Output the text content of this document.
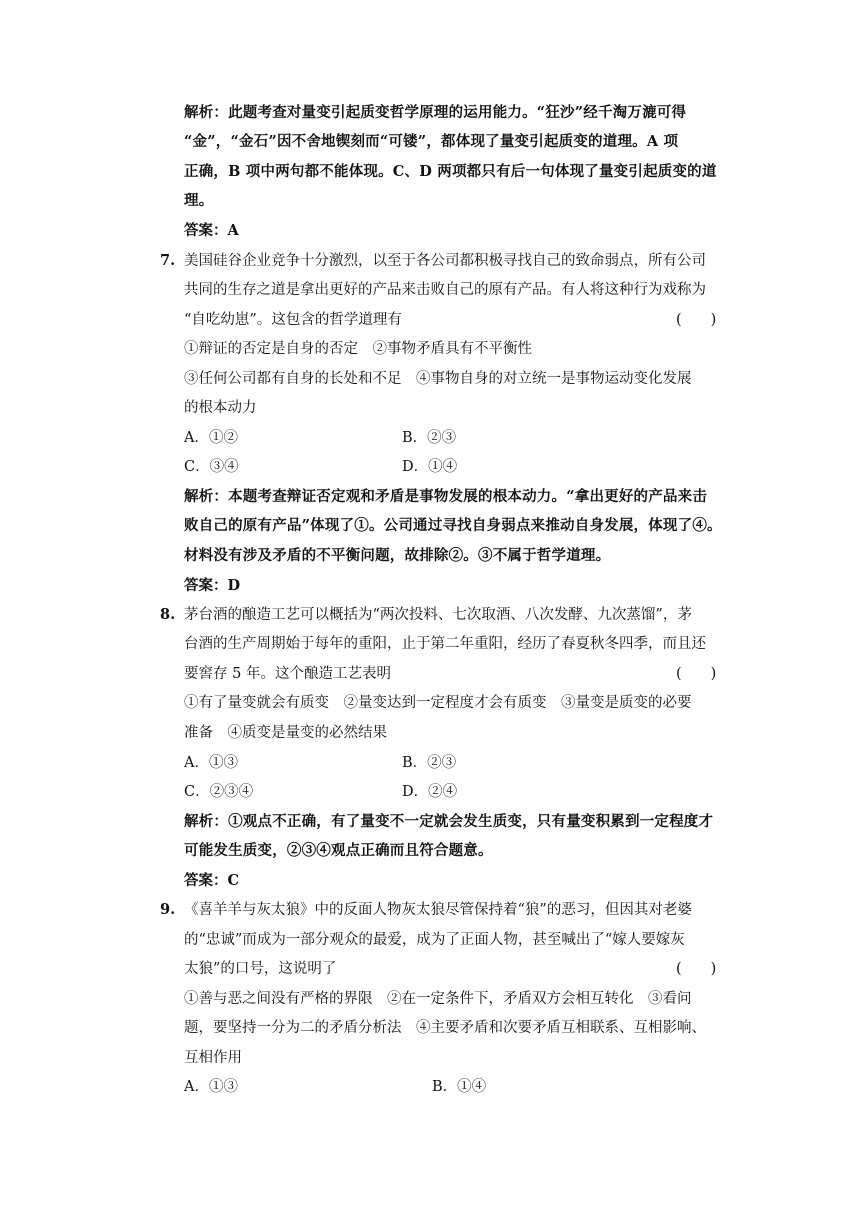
解析：此题考查对量变引起质变哲学原理的运用能力。“狂沙”经千淘万漉可得
“金”，“金石”因不舍地锲刻而“可镂”，都体现了量变引起质变的道理。A 项
正确，B 项中两句都不能体现。C、D 两项都只有后一句体现了量变引起质变的道
理。
答案：A
7. 美国硅谷企业竞争十分激烈，以至于各公司都积极寻找自己的致命弱点，所有公司
共同的生存之道是拿出更好的产品来击败自己的原有产品。有人将这种行为戏称为
“自吃幼崽”。这包含的哲学道理有	(　　)
①辩证的否定是自身的否定　②事物矛盾具有不平衡性
③任何公司都有自身的长处和不足　④事物自身的对立统一是事物运动变化发展
的根本动力
A．①②	B．②③
C．③④	D．①④
解析：本题考查辩证否定观和矛盾是事物发展的根本动力。“拿出更好的产品来击
败自己的原有产品”体现了①。公司通过寻找自身弱点来推动自身发展，体现了④。
材料没有涉及矛盾的不平衡问题，故排除②。③不属于哲学道理。
答案：D
8. 茅台酒的酿造工艺可以概括为“两次投料、七次取酒、八次发酵、九次蒸馏”，茅
台酒的生产周期始于每年的重阳，止于第二年重阳，经历了春夏秋冬四季，而且还
要窖存 5 年。这个酿造工艺表明	(　　)
①有了量变就会有质变　②量变达到一定程度才会有质变　③量变是质变的必要
准备　④质变是量变的必然结果
A．①③	B．②③
C．②③④	D．②④
解析：①观点不正确，有了量变不一定就会发生质变，只有量变积累到一定程度才
可能发生质变，②③④观点正确而且符合题意。
答案：C
9. 《喜羊羊与灰太狼》中的反面人物灰太狼尽管保持着“狼”的恶习，但因其对老婆
的“忠诚”而成为一部分观众的最爱，成为了正面人物，甚至喊出了“嫁人要嫁灰
太狼”的口号，这说明了	(　　)
①善与恶之间没有严格的界限　②在一定条件下，矛盾双方会相互转化　③看问
题，要坚持一分为二的矛盾分析法　④主要矛盾和次要矛盾互相联系、互相影响、
互相作用
A．①③	B．①④
